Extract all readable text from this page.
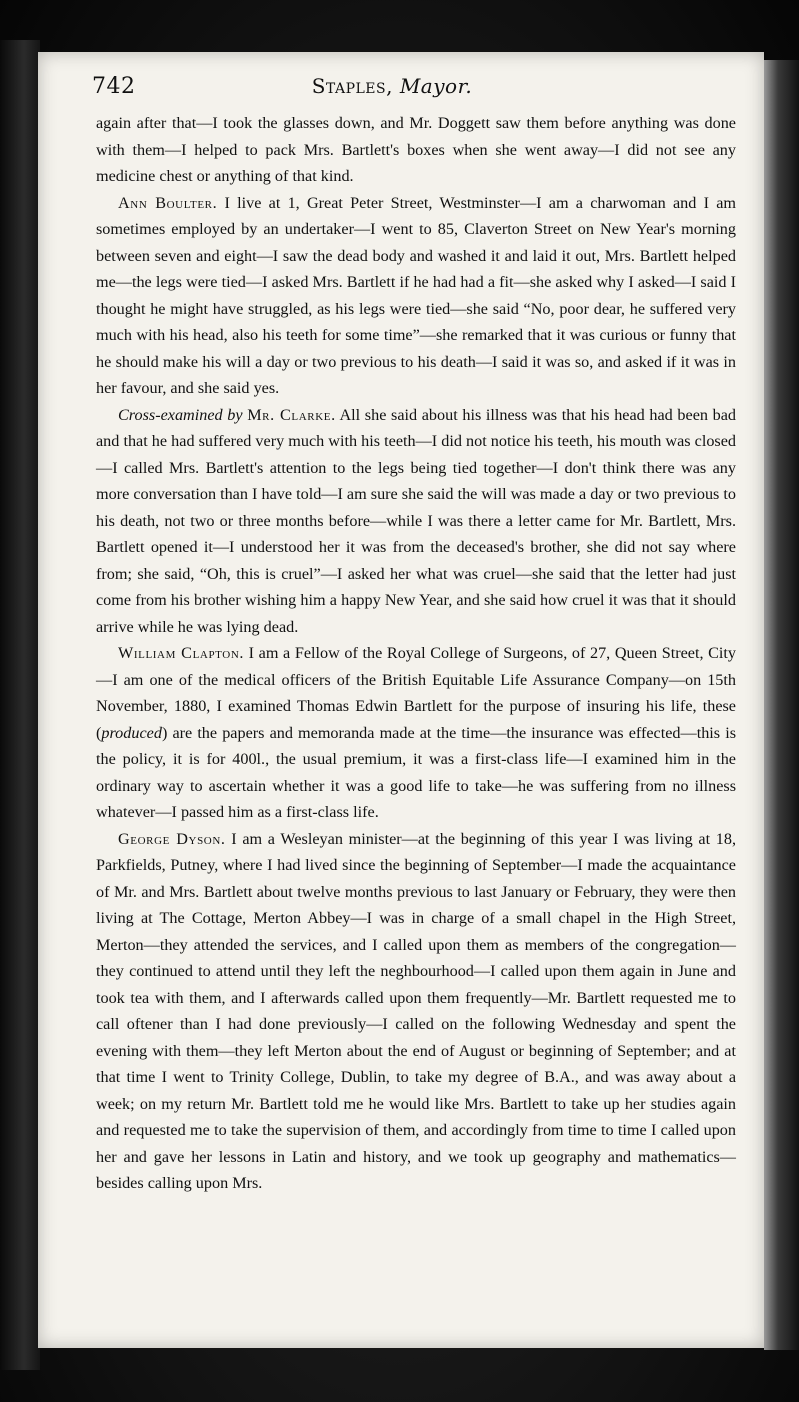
742	Staples, Mayor.

again after that—I took the glasses down, and Mr. Doggett saw them before anything was done with them—I helped to pack Mrs. Bartlett's boxes when she went away—I did not see any medicine chest or anything of that kind.

Ann Boulter. I live at 1, Great Peter Street, Westminster—I am a charwoman and I am sometimes employed by an undertaker—I went to 85, Claverton Street on New Year's morning between seven and eight—I saw the dead body and washed it and laid it out, Mrs. Bartlett helped me—the legs were tied—I asked Mrs. Bartlett if he had had a fit—she asked why I asked—I said I thought he might have struggled, as his legs were tied—she said “No, poor dear, he suffered very much with his head, also his teeth for some time”—she remarked that it was curious or funny that he should make his will a day or two previous to his death—I said it was so, and asked if it was in her favour, and she said yes.

Cross-examined by Mr. Clarke. All she said about his illness was that his head had been bad and that he had suffered very much with his teeth—I did not notice his teeth, his mouth was closed—I called Mrs. Bartlett's attention to the legs being tied together—I don't think there was any more conversation than I have told—I am sure she said the will was made a day or two previous to his death, not two or three months before—while I was there a letter came for Mr. Bartlett, Mrs. Bartlett opened it—I understood her it was from the deceased's brother, she did not say where from; she said, “Oh, this is cruel”—I asked her what was cruel—she said that the letter had just come from his brother wishing him a happy New Year, and she said how cruel it was that it should arrive while he was lying dead.

William Clapton. I am a Fellow of the Royal College of Surgeons, of 27, Queen Street, City—I am one of the medical officers of the British Equitable Life Assurance Company—on 15th November, 1880, I examined Thomas Edwin Bartlett for the purpose of insuring his life, these (produced) are the papers and memoranda made at the time—the insurance was effected—this is the policy, it is for 400l., the usual premium, it was a first-class life—I examined him in the ordinary way to ascertain whether it was a good life to take—he was suffering from no illness whatever—I passed him as a first-class life.

George Dyson. I am a Wesleyan minister—at the beginning of this year I was living at 18, Parkfields, Putney, where I had lived since the beginning of September—I made the acquaintance of Mr. and Mrs. Bartlett about twelve months previous to last January or February, they were then living at The Cottage, Merton Abbey—I was in charge of a small chapel in the High Street, Merton—they attended the services, and I called upon them as members of the congregation—they continued to attend until they left the neghbourhood—I called upon them again in June and took tea with them, and I afterwards called upon them frequently—Mr. Bartlett requested me to call oftener than I had done previously—I called on the following Wednesday and spent the evening with them—they left Merton about the end of August or beginning of September; and at that time I went to Trinity College, Dublin, to take my degree of B.A., and was away about a week; on my return Mr. Bartlett told me he would like Mrs. Bartlett to take up her studies again and requested me to take the supervision of them, and accordingly from time to time I called upon her and gave her lessons in Latin and history, and we took up geography and mathematics—besides calling upon Mrs.
